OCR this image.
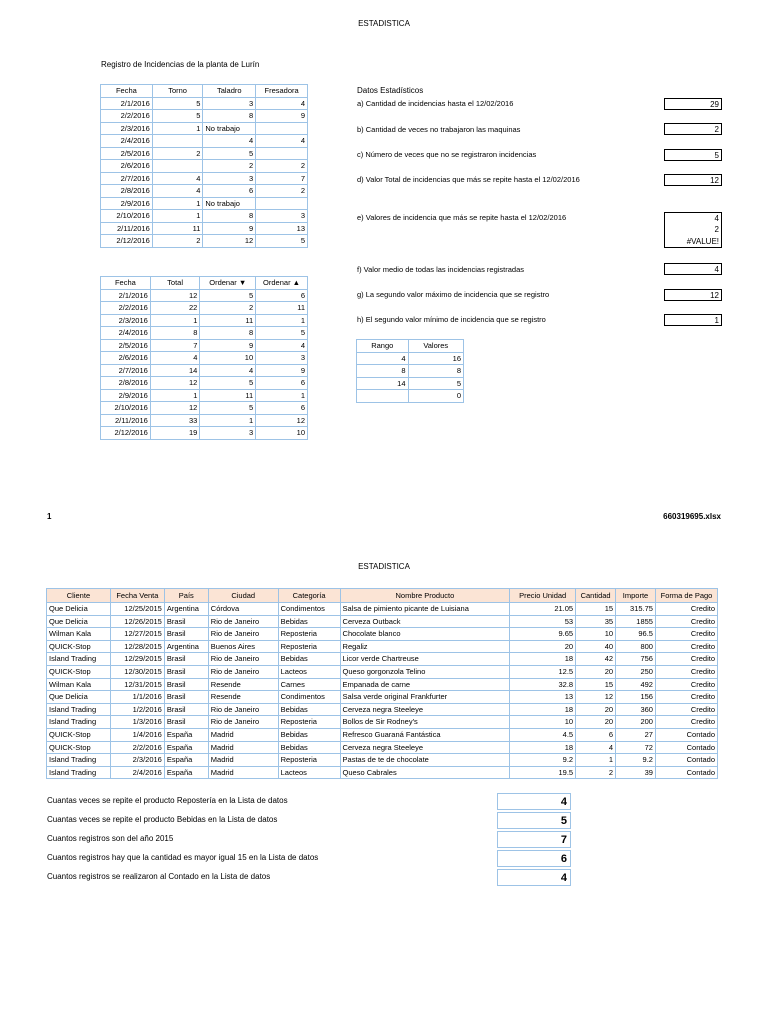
ESTADISTICA
Registro de Incidencias de la planta de Lurín
Fecha	Torno	Taladro	Fresadora
2/1/2016	5	3	4
2/2/2016	5	8	9
2/3/2016	1	No trabajo	
2/4/2016		4	4
2/5/2016	2	5	
2/6/2016		2	2
2/7/2016	4	3	7
2/8/2016	4	6	2
2/9/2016	1	No trabajo	
2/10/2016	1	8	3
2/11/2016	11	9	13
2/12/2016	2	12	5
Fecha	Total	Ordenar ▼	Ordenar ▲
2/1/2016	12	5	6
2/2/2016	22	2	11
2/3/2016	1	11	1
2/4/2016	8	8	5
2/5/2016	7	9	4
2/6/2016	4	10	3
2/7/2016	14	4	9
2/8/2016	12	5	6
2/9/2016	1	11	1
2/10/2016	12	5	6
2/11/2016	33	1	12
2/12/2016	19	3	10
Datos Estadísticos
a) Cantidad de incidencias hasta el 12/02/2016	29
b) Cantidad de veces no trabajaron las maquinas	2
c) Número de veces que no se registraron incidencias	5
d) Valor Total de incidencias que más se repite hasta el 12/02/2016	12
e) Valores de incidencia que más se repite hasta el 12/02/2016	4
2
#VALUE!
f) Valor medio de todas las incidencias registradas	4
g) La segundo valor máximo de incidencia que se registro	12
h) El segundo valor mínimo de incidencia que se registro	1
Rango	Valores
4	16
8	8
14	5
	0
1	660319695.xlsx
ESTADISTICA
Cliente	Fecha Venta	País	Ciudad	Categoría	Nombre Producto	Precio Unidad	Cantidad	Importe	Forma de Pago
Que Delicia	12/25/2015	Argentina	Córdova	Condimentos	Salsa de pimiento picante de Luisiana	21.05	15	315.75	Credito
Que Delicia	12/26/2015	Brasil	Rio de Janeiro	Bebidas	Cerveza Outback	53	35	1855	Credito
Wilman Kala	12/27/2015	Brasil	Rio de Janeiro	Reposteria	Chocolate blanco	9.65	10	96.5	Credito
QUICK-Stop	12/28/2015	Argentina	Buenos Aires	Reposteria	Regaliz	20	40	800	Credito
Island Trading	12/29/2015	Brasil	Rio de Janeiro	Bebidas	Licor verde Chartreuse	18	42	756	Credito
QUICK-Stop	12/30/2015	Brasil	Rio de Janeiro	Lacteos	Queso gorgonzola Telino	12.5	20	250	Credito
Wilman Kala	12/31/2015	Brasil	Resende	Carnes	Empanada de carne	32.8	15	492	Credito
Que Delicia	1/1/2016	Brasil	Resende	Condimentos	Salsa verde original Frankfurter	13	12	156	Credito
Island Trading	1/2/2016	Brasil	Rio de Janeiro	Bebidas	Cerveza negra Steeleye	18	20	360	Credito
Island Trading	1/3/2016	Brasil	Rio de Janeiro	Reposteria	Bollos de Sir Rodney's	10	20	200	Credito
QUICK-Stop	1/4/2016	España	Madrid	Bebidas	Refresco Guaraná Fantástica	4.5	6	27	Contado
QUICK-Stop	2/2/2016	España	Madrid	Bebidas	Cerveza negra Steeleye	18	4	72	Contado
Island Trading	2/3/2016	España	Madrid	Reposteria	Pastas de te de chocolate	9.2	1	9.2	Contado
Island Trading	2/4/2016	España	Madrid	Lacteos	Queso Cabrales	19.5	2	39	Contado
Cuantas veces se repite el producto Repostería en la Lista de datos	4
Cuantas veces se repite el producto Bebidas en la Lista de datos	5
Cuantos registros son del año 2015	7
Cuantos registros hay que la cantidad es mayor igual 15 en la Lista de datos	6
Cuantos registros se realizaron al Contado en la Lista de datos	4
